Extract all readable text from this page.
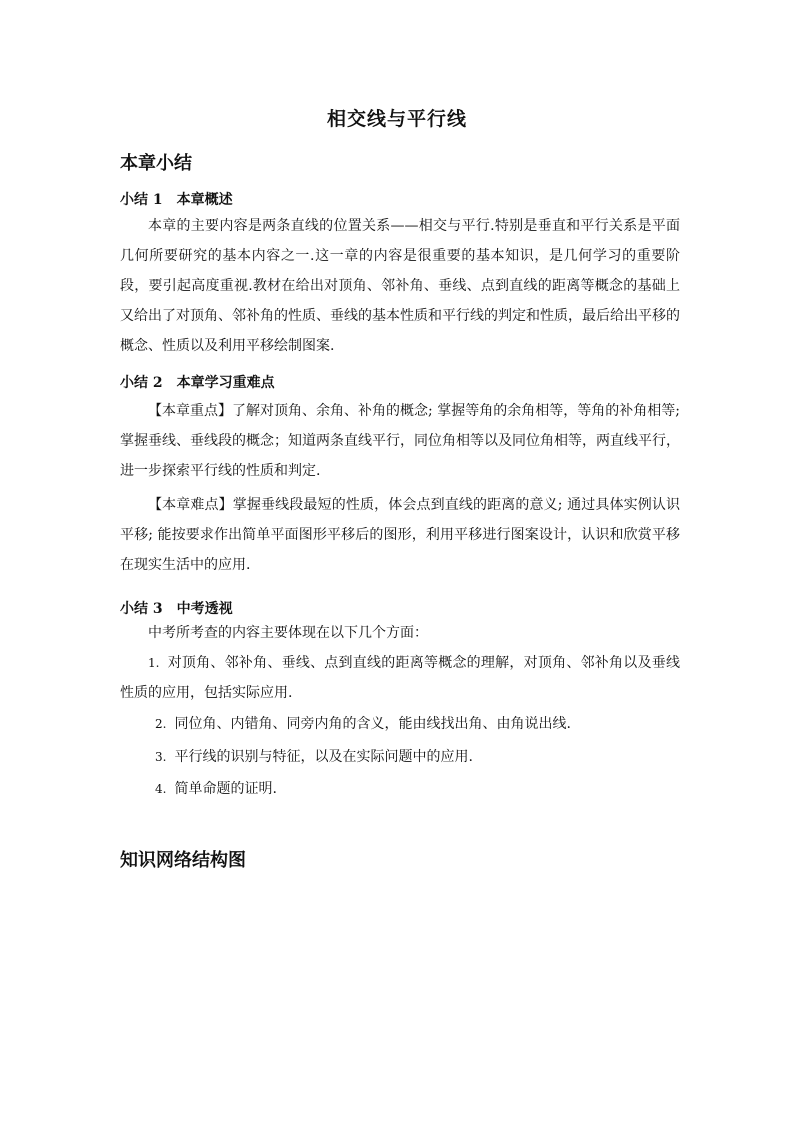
相交线与平行线
本章小结
小结 1 本章概述

本章的主要内容是两条直线的位置关系——相交与平行.特别是垂直和平行关系是平面几何所要研究的基本内容之一.这一章的内容是很重要的基本知识，是几何学习的重要阶段，要引起高度重视.教材在给出对顶角、邻补角、垂线、点到直线的距离等概念的基础上又给出了对顶角、邻补角的性质、垂线的基本性质和平行线的判定和性质，最后给出平移的概念、性质以及利用平移绘制图案.

小结 2 本章学习重难点

【本章重点】了解对顶角、余角、补角的概念; 掌握等角的余角相等，等角的补角相等; 掌握垂线、垂线段的概念；知道两条直线平行，同位角相等以及同位角相等，两直线平行，进一步探索平行线的性质和判定.

【本章难点】掌握垂线段最短的性质，体会点到直线的距离的意义; 通过具体实例认识平移; 能按要求作出简单平面图形平移后的图形，利用平移进行图案设计，认识和欣赏平移在现实生活中的应用.

小结 3 中考透视

中考所考查的内容主要体现在以下几个方面：

1. 对顶角、邻补角、垂线、点到直线的距离等概念的理解，对顶角、邻补角以及垂线性质的应用，包括实际应用.

2. 同位角、内错角、同旁内角的含义，能由线找出角、由角说出线.

3. 平行线的识别与特征，以及在实际问题中的应用.

4. 简单命题的证明.

知识网络结构图
